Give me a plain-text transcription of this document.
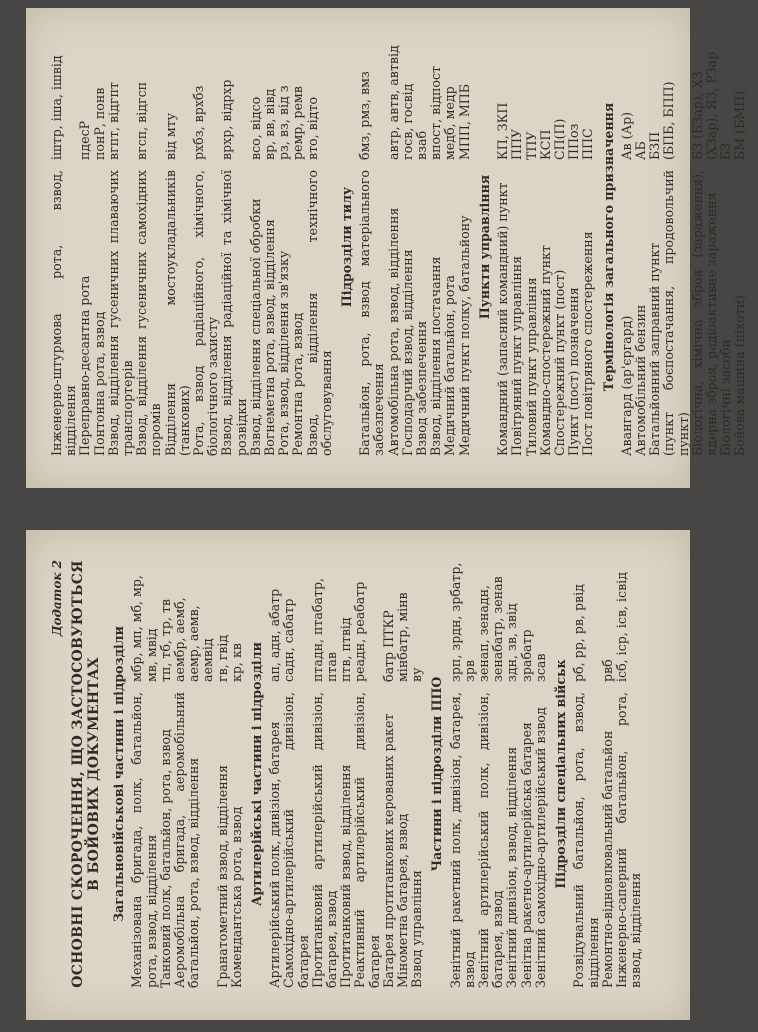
Інженерно-штурмова рота, взвод, відділення
іштр, іша, ішвід
Переправно-десантна рота
пдесР
Понтонна рота, взвод
понР, понв
Взвод, відділення гусеничних плаваючих транспортерів
вгпт, відгпт
Взвод, відділення гусеничних самохідних поромів
вгсп, відгсп
Відділення мостоукладальників (танкових)
від мту
Рота, взвод радіаційного, хімічного, біологічного захисту
рхбз, врхбз
Взвод, відділення радіаційної та хімічної розвідки
врхр, відрхр
Взвод, відділення спеціальної обробки
всо, відсо
Вогнеметна рота, взвод, відділення
вр, вв, вівд
Рота, взвод, відділення зв'язку
рз, вз, від з
Ремонтна рота, взвод
ремр, ремв
Взвод, відділення технічного обслуговування
вто, відто
Підрозділи тилу Батальйон, рота, взвод матеріального забезпечення
бмз, рмз, вмз
Автомобільна рота, взвод, відділення
автр, автв, автвід
Господарчий взвод, відділення
госв, госвід
Взвод забезпечення
взаб
Взвод, відділення постачання
впост, відпост
Медичний батальйон, рота
медб, медр
Медичний пункт полку, батальйону
МПП, МПБ
Пункти управління Командний (запасний командний) пункт
КП, ЗКП
Повітряний пункт управління
ППУ
Тиловий пункт управління
ТПУ
Командно-спостережний пункт
КСП
Спостережний пункт (пост)
СП(П)
Пункт (пост) позначення
ППоз
Пост повітряного спостереження
ППС Термінологія загального призначення Авангард (ар'єргард)
Ав (Ар)
Автомобільний бензин
АБ
Батальйонний заправний пункт
БЗП
(пункт боєпостачання, продовольчий пункт)
(БПБ, БПП)
Біологічна, хімічна зброя (зараження), ядерна зброя, радіоактивне зараження
БЗ (БЗар), ХЗ (ХЗар), ЯЗ, РЗар
Біологічні засоби
БЗ
Бойова машина (піхоти)
БМ (БМП)
Додаток 2 ОСНОВНІ СКОРОЧЕННЯ, ЩО ЗАСТОСОВУЮТЬСЯ В БОЙОВИХ ДОКУМЕНТАХ Загальновійськові частини і підрозділи Механізована бригада, полк, батальйон, рота, взвод, відділення
мбр, мп, мб, мр, мв, мвід
Танковий полк, батальйон, рота, взвод
тп, тб, тр, тв
Аеромобільна бригада, аеромобільний батальйон, рота, взвод, відділення
аембр, аемб, аемр, аемв, аемвід
Гранатометний взвод, відділення
гв, гвід
Комендантська рота, взвод
кр, кв Артилерійські частини і підрозділи Артилерійський полк, дивізіон, батарея
ап, адн, абатр
Самохідно-артилерійський дивізіон, батарея
садн, сабатр
Протитанковий артилерійський дивізіон, батарея, взвод
птадн, птабатр, птав
Протитанковий взвод, відділення
птв, птвід
Реактивний артилерійський дивізіон, батарея
реадн, реабатр
Батарея протитанкових керованих ракет
батр ПТКР
Мінометна батарея, взвод
мінбатр, мінв
Взвод управління
ву
Частини і підрозділи ППО Зенітний ракетний полк, дивізіон, батарея, взвод
зрп, зрдн, зрбатр, зрв
Зенітний артилерійський полк, дивізіон, батарея, взвод
зенап, зенадн, зенабатр, зенав
Зенітний дивізіон, взвод, відділення
здн, зв, звід
Зенітна ракетно-артилерійська батарея
зрабатр
Зенітний самохідно-артилерійський взвод
зсав Підрозділи спеціальних військ Розвідувальний батальйон, рота, взвод, відділення
рб, рр, рв, рвід
Ремонтно-відновлювальний батальйон
рвб
Інженерно-саперний батальйон, рота, взвод, відділення
ісб, іср, ісв, ісвід
